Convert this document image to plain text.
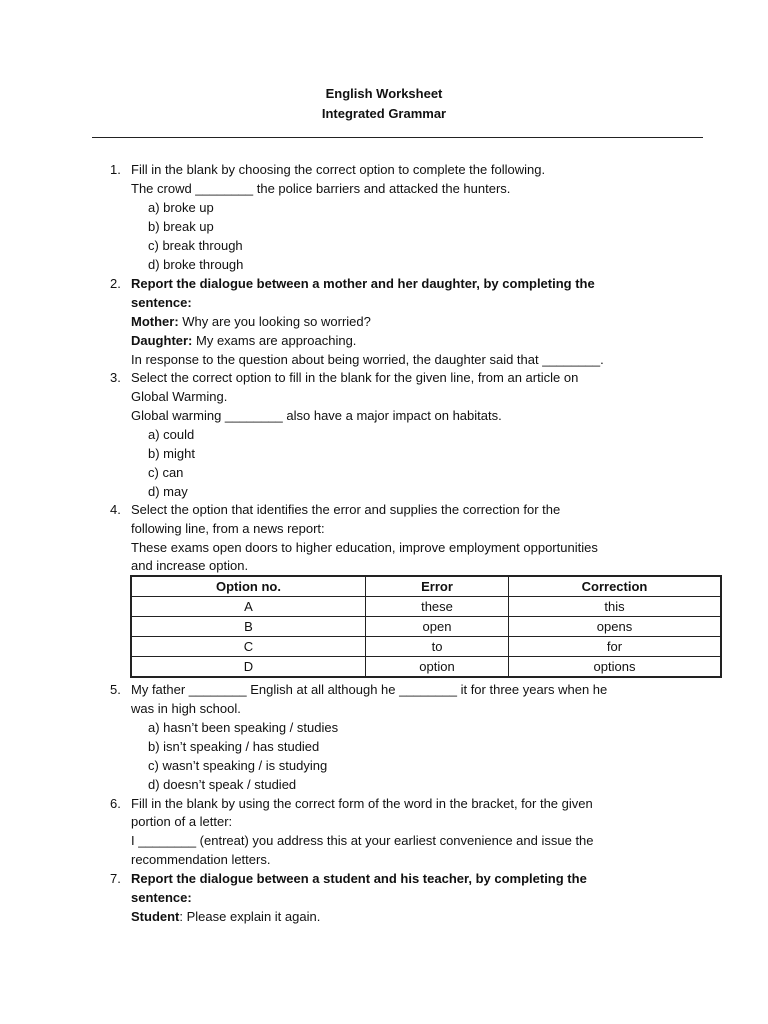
English Worksheet
Integrated Grammar
1. Fill in the blank by choosing the correct option to complete the following.
The crowd ________ the police barriers and attacked the hunters.
a) broke up
b) break up
c) break through
d) broke through
2. Report the dialogue between a mother and her daughter, by completing the
sentence:
Mother: Why are you looking so worried?
Daughter: My exams are approaching.
In response to the question about being worried, the daughter said that ________.
3. Select the correct option to fill in the blank for the given line, from an article on
Global Warming.
Global warming ________ also have a major impact on habitats.
a) could
b) might
c) can
d) may
4. Select the option that identifies the error and supplies the correction for the
following line, from a news report:
These exams open doors to higher education, improve employment opportunities
and increase option.
Option no.	Error	Correction
A	these	this
B	open	opens
C	to	for
D	option	options
5. My father ________ English at all although he ________ it for three years when he
was in high school.
a) hasn’t been speaking / studies
b) isn’t speaking / has studied
c) wasn’t speaking / is studying
d) doesn’t speak / studied
6. Fill in the blank by using the correct form of the word in the bracket, for the given
portion of a letter:
I ________ (entreat) you address this at your earliest convenience and issue the
recommendation letters.
7. Report the dialogue between a student and his teacher, by completing the
sentence:
Student: Please explain it again.
